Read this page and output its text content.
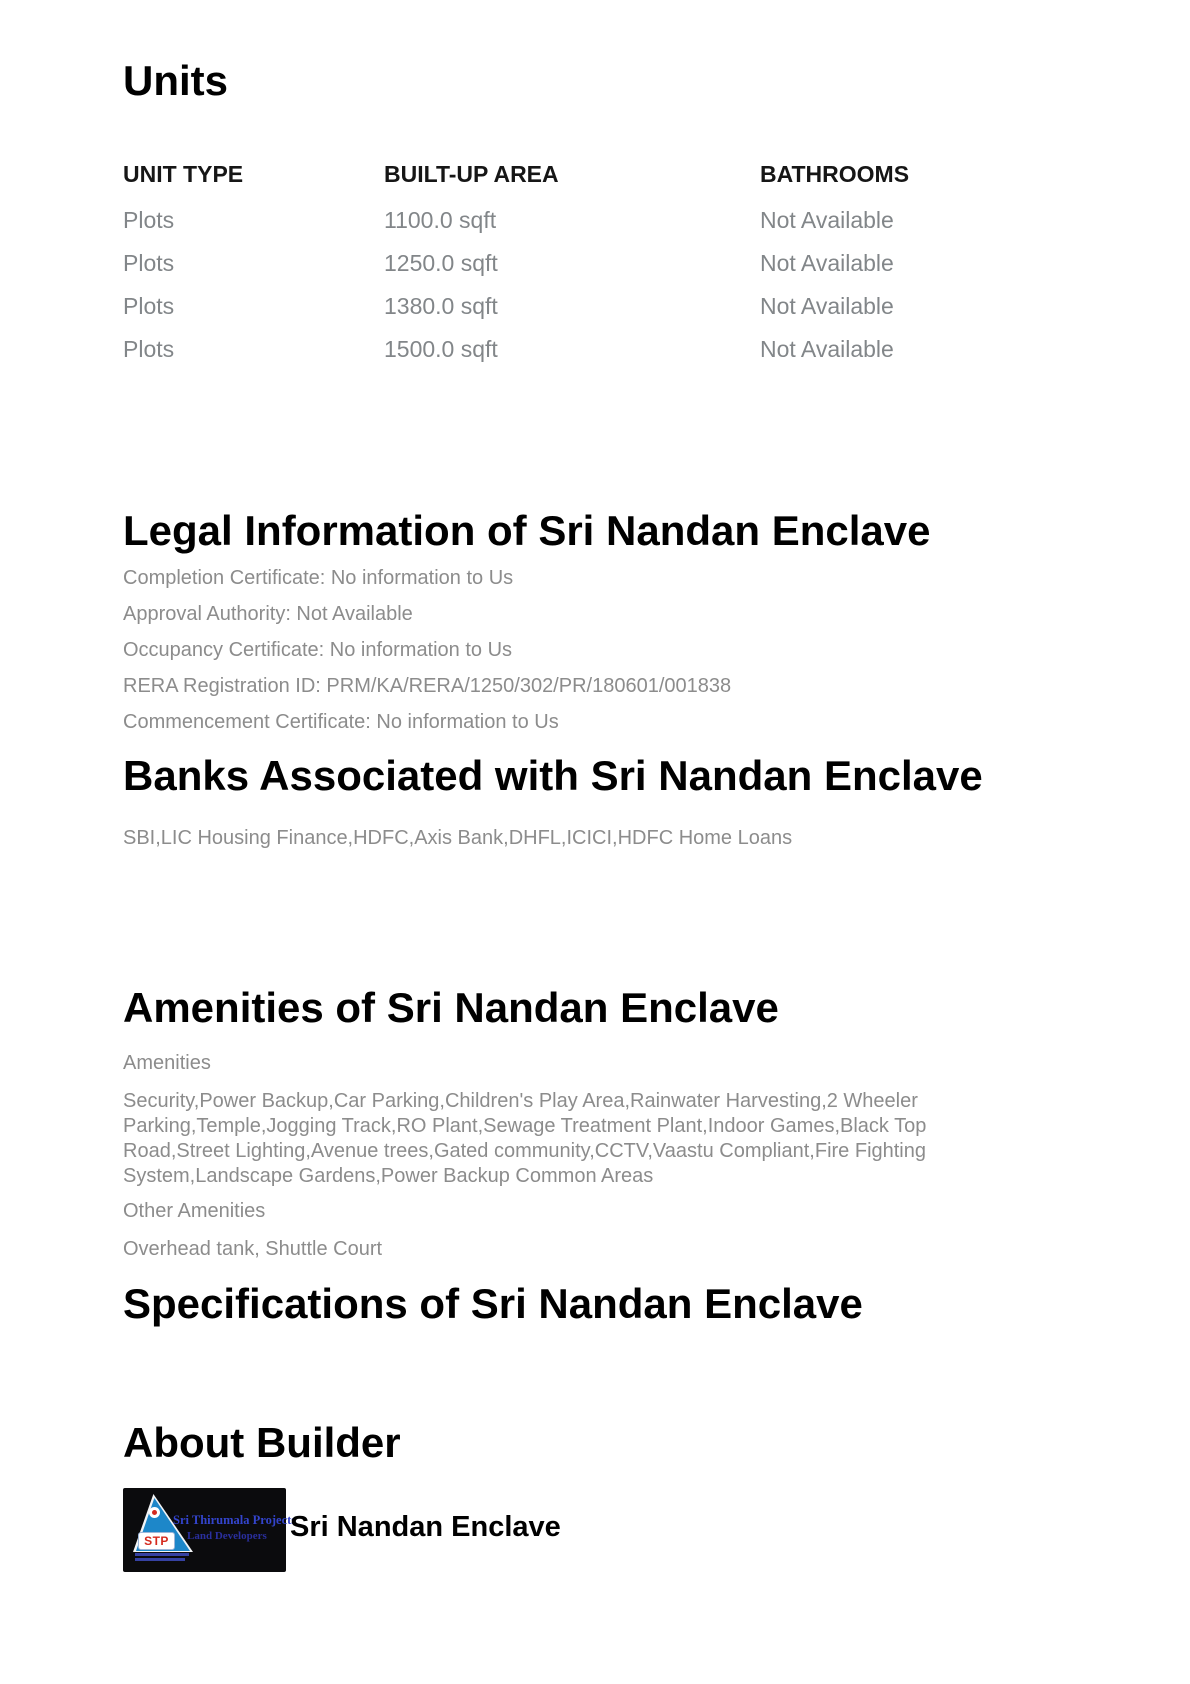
Units
UNIT TYPE	BUILT-UP AREA	BATHROOMS
Plots	1100.0 sqft	Not Available
Plots	1250.0 sqft	Not Available
Plots	1380.0 sqft	Not Available
Plots	1500.0 sqft	Not Available
Legal Information of Sri Nandan Enclave
Completion Certificate: No information to Us
Approval Authority: Not Available
Occupancy Certificate: No information to Us
RERA Registration ID: PRM/KA/RERA/1250/302/PR/180601/001838
Commencement Certificate: No information to Us
Banks Associated with Sri Nandan Enclave
SBI,LIC Housing Finance,HDFC,Axis Bank,DHFL,ICICI,HDFC Home Loans
Amenities of Sri Nandan Enclave
Amenities
Security,Power Backup,Car Parking,Children's Play Area,Rainwater Harvesting,2 Wheeler Parking,Temple,Jogging Track,RO Plant,Sewage Treatment Plant,Indoor Games,Black Top Road,Street Lighting,Avenue trees,Gated community,CCTV,Vaastu Compliant,Fire Fighting System,Landscape Gardens,Power Backup Common Areas
Other Amenities
Overhead tank, Shuttle Court
Specifications of Sri Nandan Enclave
About Builder
STP
Sri Thirumala Projects
Land Developers Sri Nandan Enclave
